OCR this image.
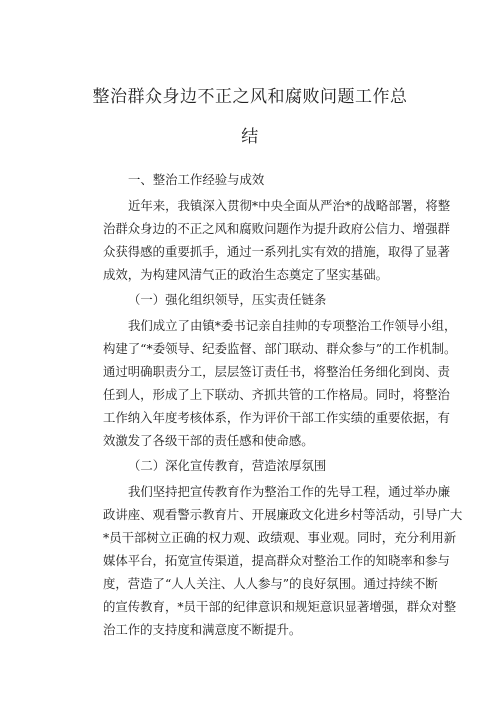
整治群众身边不正之风和腐败问题工作总
结
一、整治工作经验与成效
近年来，我镇深入贯彻*中央全面从严治*的战略部署，将整
治群众身边的不正之风和腐败问题作为提升政府公信力、增强群
众获得感的重要抓手，通过一系列扎实有效的措施，取得了显著
成效，为构建风清气正的政治生态奠定了坚实基础。
（一）强化组织领导，压实责任链条
我们成立了由镇*委书记亲自挂帅的专项整治工作领导小组，
构建了“*委领导、纪委监督、部门联动、群众参与”的工作机制。
通过明确职责分工，层层签订责任书，将整治任务细化到岗、责
任到人，形成了上下联动、齐抓共管的工作格局。同时，将整治
工作纳入年度考核体系，作为评价干部工作实绩的重要依据，有
效激发了各级干部的责任感和使命感。
（二）深化宣传教育，营造浓厚氛围
我们坚持把宣传教育作为整治工作的先导工程，通过举办廉
政讲座、观看警示教育片、开展廉政文化进乡村等活动，引导广大
*员干部树立正确的权力观、政绩观、事业观。同时，充分利用新
媒体平台，拓宽宣传渠道，提高群众对整治工作的知晓率和参与
度，营造了“人人关注、人人参与”的良好氛围。通过持续不断
的宣传教育，*员干部的纪律意识和规矩意识显著增强，群众对整
治工作的支持度和满意度不断提升。
